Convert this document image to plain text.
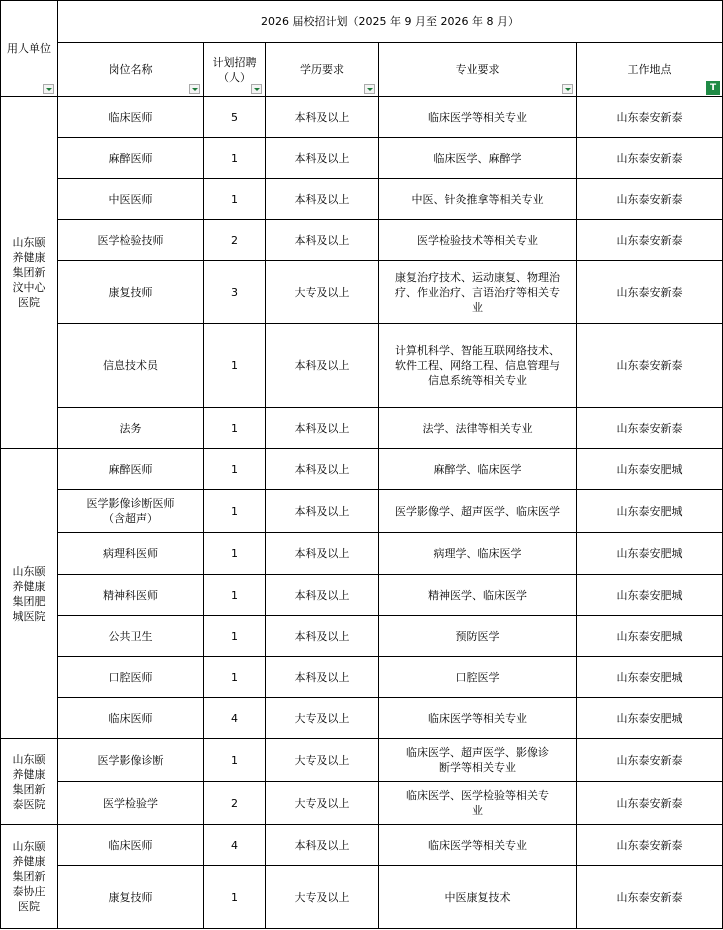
用人单位	2026 届校招计划（2025 年 9 月至 2026 年 8 月）				
	岗位名称	计划招聘（人）	学历要求	专业要求	工作地点
T

山东颐养健康集团新汶中心医院	临床医师	5	本科及以上	临床医学等相关专业	山东泰安新泰
	麻醉医师	1	本科及以上	临床医学、麻醉学	山东泰安新泰
	中医医师	1	本科及以上	中医、针灸推拿等相关专业	山东泰安新泰
	医学检验技师	2	本科及以上	医学检验技术等相关专业	山东泰安新泰
	康复技师	3	大专及以上	康复治疗技术、运动康复、物理治疗、作业治疗、言语治疗等相关专业	山东泰安新泰
	信息技术员	1	本科及以上	计算机科学、智能互联网络技术、软件工程、网络工程、信息管理与信息系统等相关专业	山东泰安新泰
	法务	1	本科及以上	法学、法律等相关专业	山东泰安新泰
山东颐养健康集团肥城医院	麻醉医师	1	本科及以上	麻醉学、临床医学	山东泰安肥城
	医学影像诊断医师（含超声）	1	本科及以上	医学影像学、超声医学、临床医学	山东泰安肥城
	病理科医师	1	本科及以上	病理学、临床医学	山东泰安肥城
	精神科医师	1	本科及以上	精神医学、临床医学	山东泰安肥城
	公共卫生	1	本科及以上	预防医学	山东泰安肥城
	口腔医师	1	本科及以上	口腔医学	山东泰安肥城
	临床医师	4	大专及以上	临床医学等相关专业	山东泰安肥城
山东颐养健康集团新泰医院	医学影像诊断	1	大专及以上	临床医学、超声医学、影像诊断学等相关专业	山东泰安新泰
	医学检验学	2	大专及以上	临床医学、医学检验等相关专业	山东泰安新泰
山东颐养健康集团新泰协庄医院	临床医师	4	本科及以上	临床医学等相关专业	山东泰安新泰
	康复技师	1	大专及以上	中医康复技术	山东泰安新泰
